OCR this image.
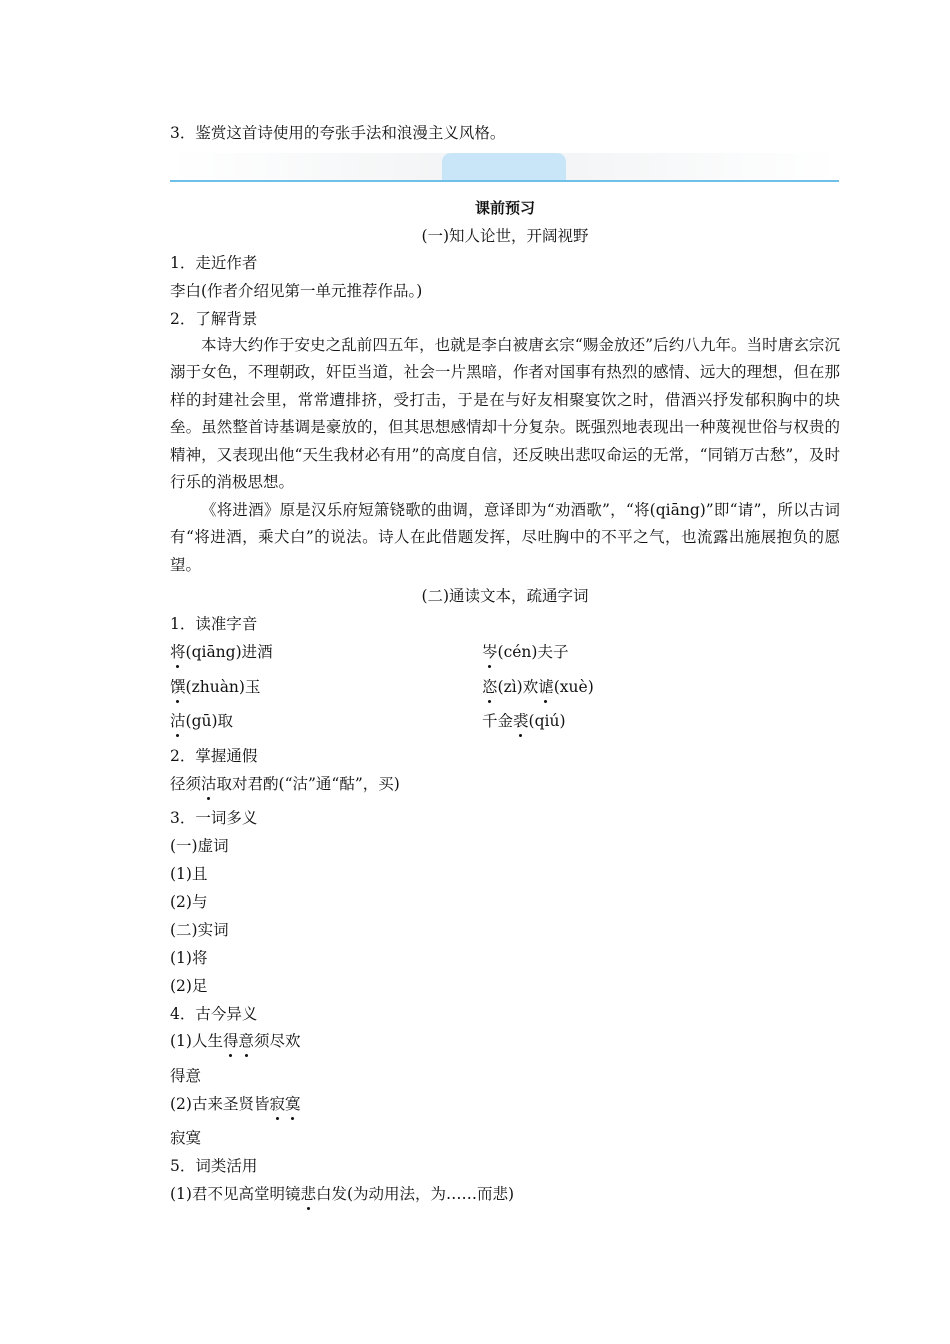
3．鉴赏这首诗使用的夸张手法和浪漫主义风格。
课前预习
(一)知人论世，开阔视野
1．走近作者
李白(作者介绍见第一单元推荐作品。)
2．了解背景
本诗大约作于安史之乱前四五年，也就是李白被唐玄宗“赐金放还”后约八九年。当时唐玄宗沉溺于女色，不理朝政，奸臣当道，社会一片黑暗，作者对国事有热烈的感情、远大的理想，但在那样的封建社会里，常常遭排挤，受打击，于是在与好友相聚宴饮之时，借酒兴抒发郁积胸中的块垒。虽然整首诗基调是豪放的，但其思想感情却十分复杂。既强烈地表现出一种蔑视世俗与权贵的精神，又表现出他“天生我材必有用”的高度自信，还反映出悲叹命运的无常，“同销万古愁”，及时行乐的消极思想。
《将进酒》原是汉乐府短箫铙歌的曲调，意译即为“劝酒歌”，“将(qiāng)”即“请”，所以古词有“将进酒，乘犬白”的说法。诗人在此借题发挥，尽吐胸中的不平之气，也流露出施展抱负的愿望。
(二)通读文本，疏通字词
1．读准字音
将(qiāng)进酒	岑(cén)夫子
馔(zhuàn)玉	恣(zì)欢谑(xuè)
沽(gū)取	千金裘(qiú)
2．掌握通假
径须沽取对君酌(“沽”通“酤”，买)
3．一词多义
(一)虚词
(1)且
(2)与
(二)实词
(1)将
(2)足
4．古今异义
(1)人生得意须尽欢
得意
(2)古来圣贤皆寂寞
寂寞
5．词类活用
(1)君不见高堂明镜悲白发(为动用法，为……而悲)
